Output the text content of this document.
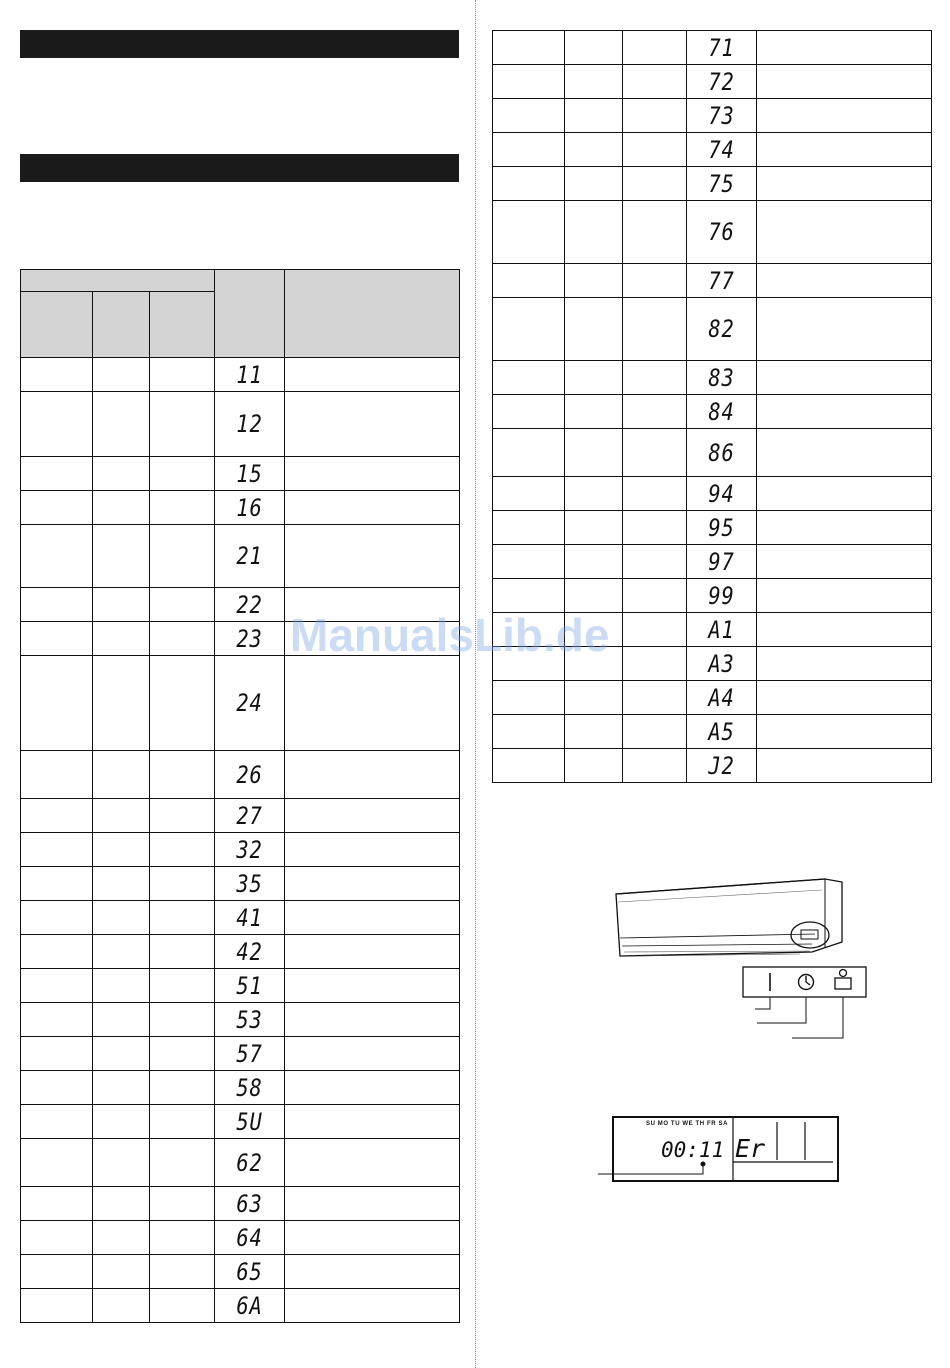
			11	
			12	
			15	
			16	
			21	
			22	
			23	
			24	
			26	
			27	
			32	
			35	
			41	
			42	
			51	
			53	
			57	
			58	
			5U	
			62	
			63	
			64	
			65	
			6A	
			71	
			72	
			73	
			74	
			75	
			76	
			77	
			82	
			83	
			84	
			86	
			94	
			95	
			97	
			99	
			A1	
			A3	
			A4	
			A5	
			J2	
ManualsLib.de
SU MO TU WE TH FR SA
00:11 Er
